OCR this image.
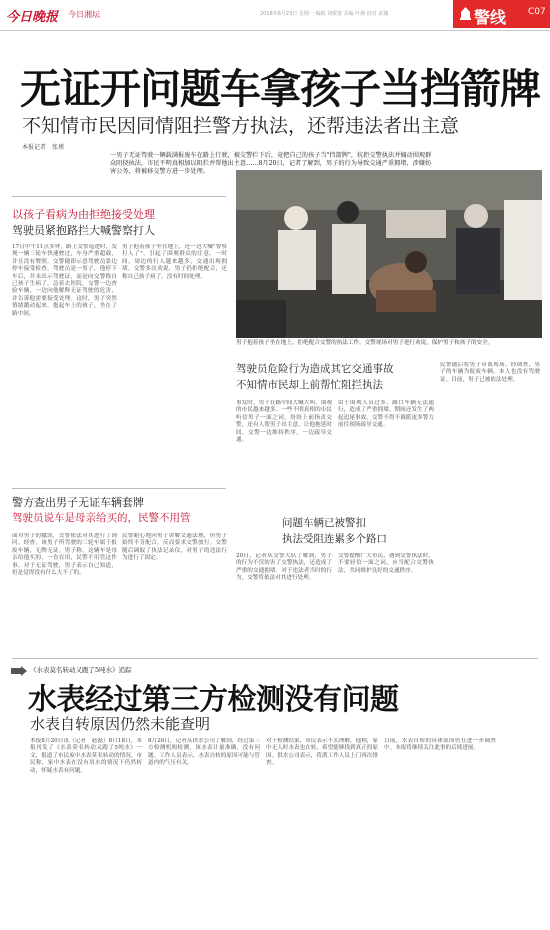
今日晚报 今日湘坛	2018年8月23日 星期一 编辑 刘蒙蒙 美编 叶静 校对 宋珈	警线 C07
无证开问题车拿孩子当挡箭牌
不知情市民因同情阻拦警方执法，还帮违法者出主意
本报记者　张瑾
一男子无证驾驶一辆载满报废车在路上行驶，被交警拦下后，竟把自己的孩子当"挡箭牌"，抗拒交警执法并煽动围观群众阻挠执法，市民不明真相加以阻拦并帮他出主意……8月20日，记者了解到，男子的行为导致交通严重拥堵，涉嫌妨害公务，将被移交警方进一步处理。
以孩子看病为由拒绝接受处理
驾驶员紧抱路拦大喊警察打人
17日中午11点多钟，路上交警巡逻时，发现一辆三轮车快速驶过，车身严重超载，并且没有牌照。交警随即示意驾驶员靠边停车接受检查。驾驶员是一男子，他停下车后，并未出示驾驶证，而是向交警称自己孩子生病了，急着去医院。交警一边查验车辆，一边向他解释无证驾驶的危害，并告诉他需要接受处理。这时，男子突然情绪激动起来，抱起车上的孩子，坐在了路中间。
男子抱着孩子坐在地上，还一边大喊"警察打人了"，引起了围观群众的注意。一时间，周边的行人越来越多，交通出现拥堵。交警多次劝说，男子仍拒绝配合，还称自己孩子病了，没有时间处理。
警方查出男子无证车辆套牌
驾驶员说车是母亲给买的，民警不用管
面对男子的撒泼，交警依法对其进行了询问。经查，该男子所驾驶的三轮车属于报废车辆，无牌无证。男子称，这辆车是母亲给他买的，一直在用，民警不用管这件事。对于无证驾驶，男子表示自己知道，但是觉得没有什么大不了的。
民警耐心地向男子讲解交通法规，但男子始终不肯配合，反而要求交警放行。交警随后调取了执法记录仪，对男子的违法行为进行了固定。
男子抱着孩子坐在地上，拒绝配合交警的执法工作。交警现场对男子进行劝说，保护男子和孩子的安全。
驾驶员危险行为造成其它交通事故
不知情市民却上前帮忙阻拦执法
事发时，男子在路中间大喊大叫，围观的市民越来越多。一些不明真相的市民听信男子一面之词，纷纷上前指责交警，还有人帮男子出主意，让他拖延时间。交警一边维持秩序，一边疏导交通。
由于围观人员过多，路口车辆无法通行，造成了严重拥堵。期间还发生了两起追尾事故。交警不得不调派更多警力前往现场疏导交通。
民警随后将男子带离现场。经调查，男子的车辆为报废车辆，本人也没有驾驶证。目前，男子已被依法处理。
问题车辆已被警扣
执法受阻连累多个路口
20日，记者从交警大队了解到，男子的行为不仅妨害了交警执法，还造成了严重的交通拥堵。对于违法者当时的行为，交警将依法对其进行处理。
交警提醒广大市民，遇到交警执法时，不要轻信一面之词，应当配合交警执法，共同维护良好的交通秩序。
《水表莫名转动又跑了5吨水》追踪
水表经过第三方检测没有问题
水表自转原因仍然未能查明
本报8月20日讯（记者　赵磊）8月18日，本报刊发了《水表莫名转动又跑了5吨水》一文，报道了市民家中水表莫名转动的情况。市民称，家中水表在没有用水的情况下仍然转动，怀疑水表有问题。
8月20日，记者从供水公司了解到，经过第三方检测机构检测，该水表计量准确，没有问题。工作人员表示，水表自转的原因可能与管道内的气压有关。
对于检测结果，市民表示不太理解。他称，家中无人时水表也在转，希望能够找到真正的原因。供水公司表示，将派工作人员上门再次排查。
目前，水表自转的具体原因仍在进一步调查中。本报将继续关注此事的后续进展。
